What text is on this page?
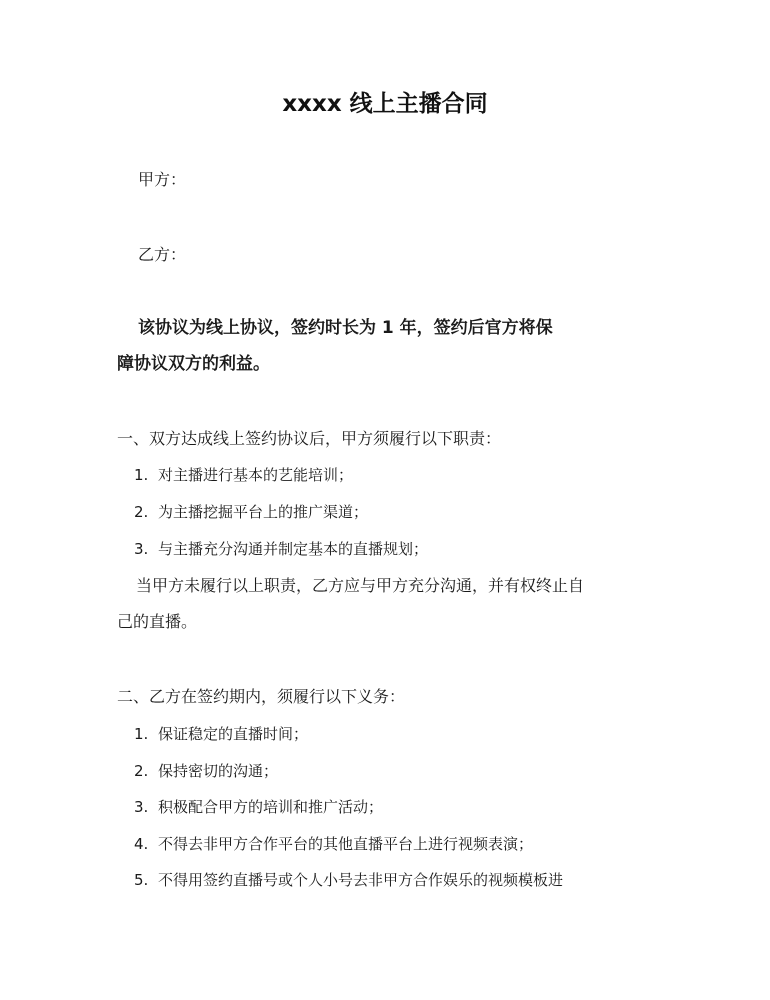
xxxx 线上主播合同
甲方：
乙方：
该协议为线上协议，签约时长为 1 年，签约后官方将保
障协议双方的利益。
一、双方达成线上签约协议后，甲方须履行以下职责：
1. 对主播进行基本的艺能培训；
2. 为主播挖掘平台上的推广渠道；
3. 与主播充分沟通并制定基本的直播规划；
当甲方未履行以上职责，乙方应与甲方充分沟通，并有权终止自
己的直播。
二、乙方在签约期内，须履行以下义务：
1. 保证稳定的直播时间；
2. 保持密切的沟通；
3. 积极配合甲方的培训和推广活动；
4. 不得去非甲方合作平台的其他直播平台上进行视频表演；
5. 不得用签约直播号或个人小号去非甲方合作娱乐的视频模板进
